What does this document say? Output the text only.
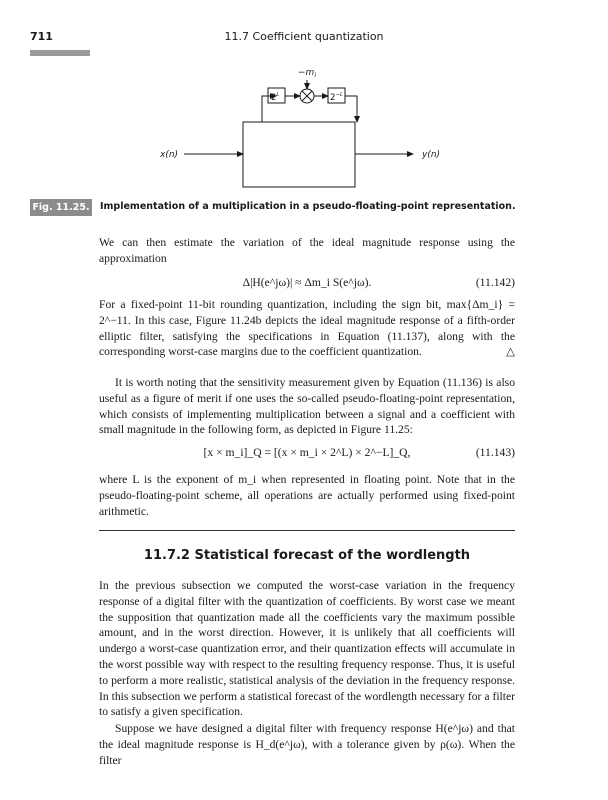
711	11.7 Coefficient quantization
$-m_i$
x(n)	y(n)
$2^L$	$2^{-L}$
Fig. 11.25. Implementation of a multiplication in a pseudo-floating-point representation.

We can then estimate the variation of the ideal magnitude response using the approximation

Δ|H(e^jω)| ≈ Δm_i S(e^jω).	(11.142)

For a fixed-point 11-bit rounding quantization, including the sign bit, max{Δm_i} = 2^−11. In this case, Figure 11.24b depicts the ideal magnitude response of a fifth-order elliptic filter, satisfying the specifications in Equation (11.137), along with the corresponding worst-case margins due to the coefficient quantization.	△

It is worth noting that the sensitivity measurement given by Equation (11.136) is also useful as a figure of merit if one uses the so-called pseudo-floating-point representation, which consists of implementing multiplication between a signal and a coefficient with small magnitude in the following form, as depicted in Figure 11.25:

[x × m_i]_Q = [(x × m_i × 2^L) × 2^−L]_Q,	(11.143)

where L is the exponent of m_i when represented in floating point. Note that in the pseudo-floating-point scheme, all operations are actually performed using fixed-point arithmetic.

11.7.2 Statistical forecast of the wordlength

In the previous subsection we computed the worst-case variation in the frequency response of a digital filter with the quantization of coefficients. By worst case we meant the supposition that quantization made all the coefficients vary the maximum possible amount, and in the worst direction. However, it is unlikely that all coefficients will undergo a worst-case quantization error, and their quantization effects will accumulate in the worst possible way with respect to the resulting frequency response. Thus, it is useful to perform a more realistic, statistical analysis of the deviation in the frequency response. In this subsection we perform a statistical forecast of the wordlength necessary for a filter to satisfy a given specification.

Suppose we have designed a digital filter with frequency response H(e^jω) and that the ideal magnitude response is H_d(e^jω), with a tolerance given by ρ(ω). When the filter
